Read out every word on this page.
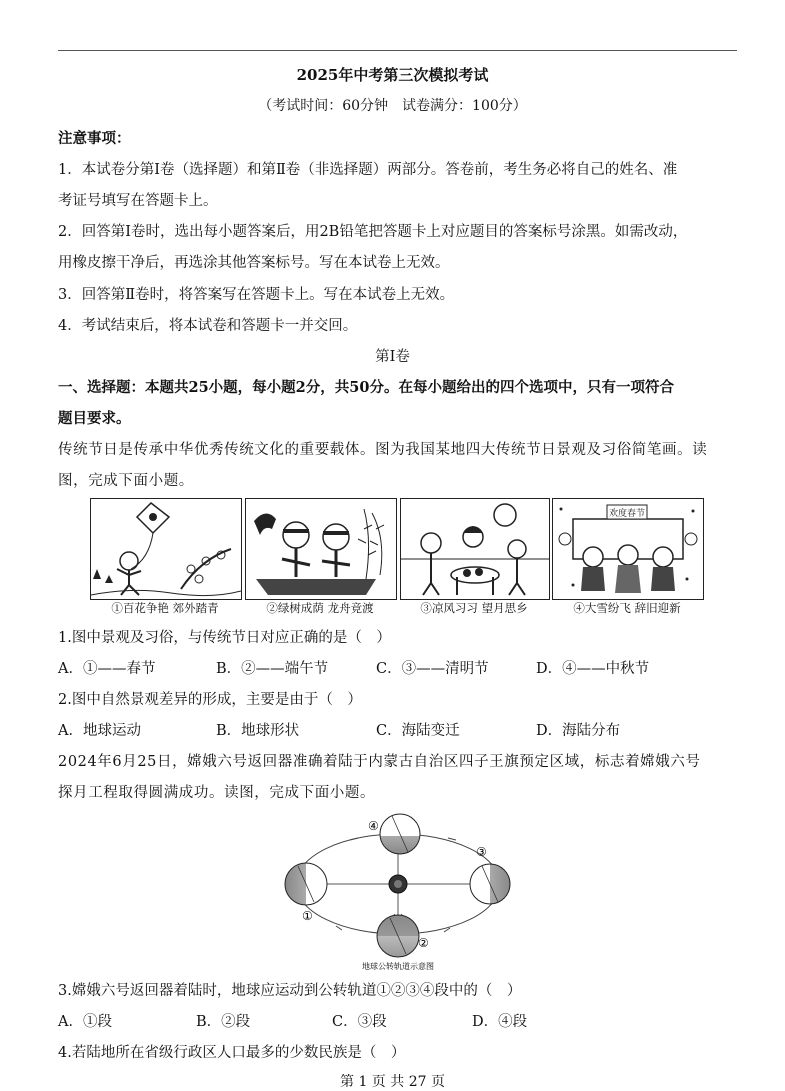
2025年中考第三次模拟考试
（考试时间：60分钟　试卷满分：100分）
注意事项：
1．本试卷分第Ⅰ卷（选择题）和第Ⅱ卷（非选择题）两部分。答卷前，考生务必将自己的姓名、准
考证号填写在答题卡上。
2．回答第Ⅰ卷时，选出每小题答案后，用2B铅笔把答题卡上对应题目的答案标号涂黑。如需改动，
用橡皮擦干净后，再选涂其他答案标号。写在本试卷上无效。
3．回答第Ⅱ卷时，将答案写在答题卡上。写在本试卷上无效。
4．考试结束后，将本试卷和答题卡一并交回。
第Ⅰ卷
一、选择题：本题共25小题，每小题2分，共50分。在每小题给出的四个选项中，只有一项符合
题目要求。
传统节日是传承中华优秀传统文化的重要载体。图为我国某地四大传统节日景观及习俗简笔画。读
图，完成下面小题。
欢度春节
①百花争艳 郊外踏青	②绿树成荫 龙舟竞渡	③凉风习习 望月思乡	④大雪纷飞 辞旧迎新
1.图中景观及习俗，与传统节日对应正确的是（　）
A．①——春节	B．②——端午节	C．③——清明节	D．④——中秋节
2.图中自然景观差异的形成，主要是由于（　）
A．地球运动	B．地球形状	C．海陆变迁	D．海陆分布
2024年6月25日，嫦娥六号返回器准确着陆于内蒙古自治区四子王旗预定区域，标志着嫦娥六号
探月工程取得圆满成功。读图，完成下面小题。
④
③
②
①
地球公转轨道示意图
3.嫦娥六号返回器着陆时，地球应运动到公转轨道①②③④段中的（　）
A．①段	B．②段	C．③段	D．④段
4.若陆地所在省级行政区人口最多的少数民族是（　）
第 1 页 共 27 页
